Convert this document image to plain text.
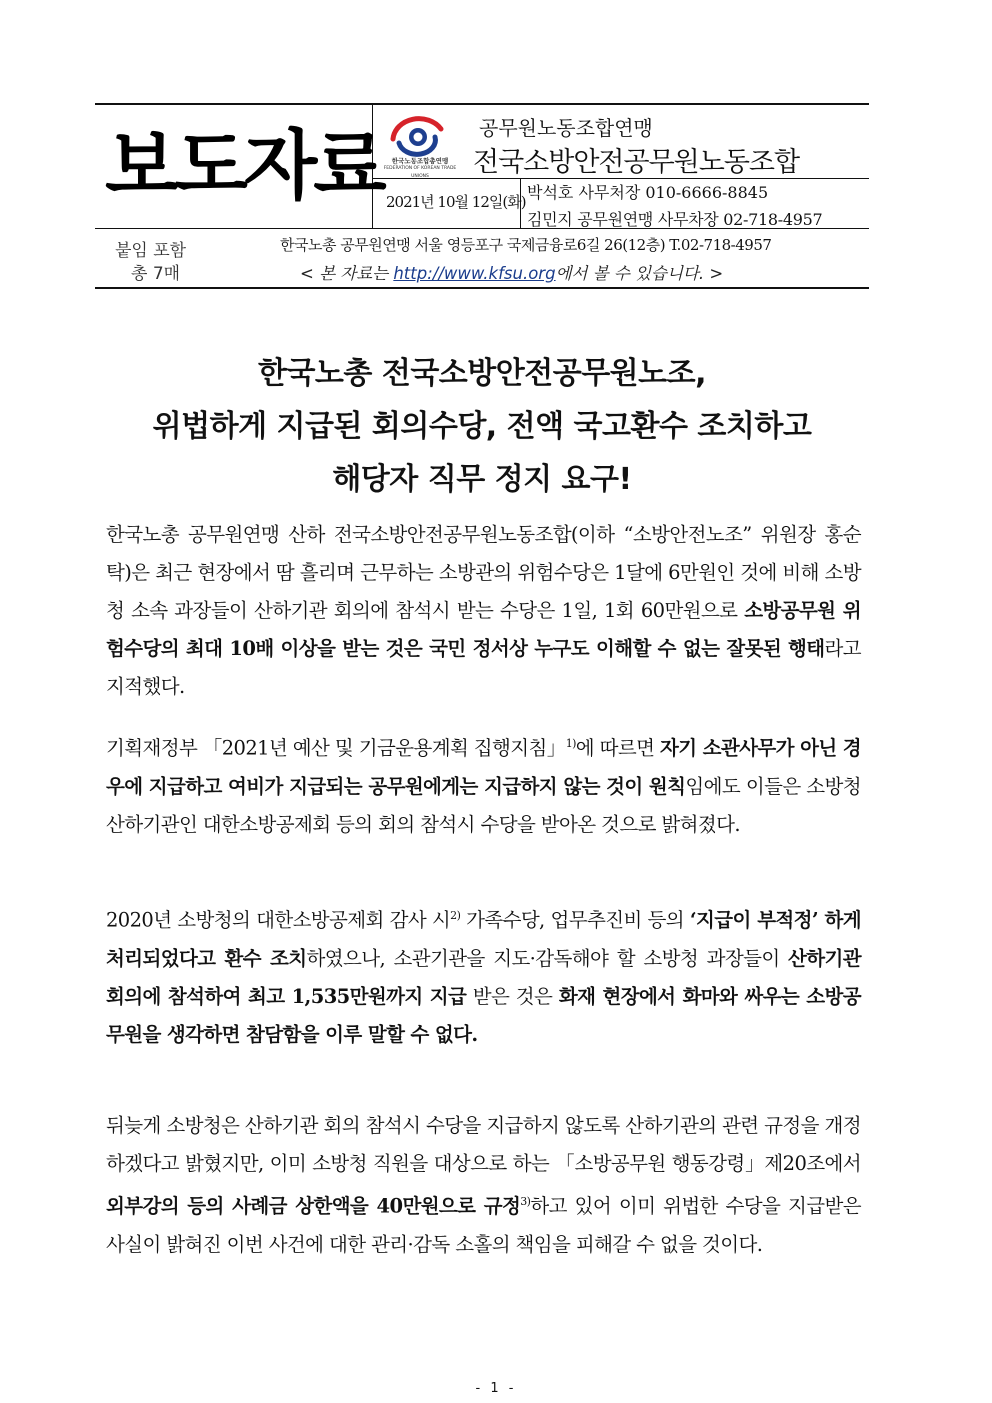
보도자료	한국노동조합총연맹
FEDERATION OF KOREAN TRADE UNIONS
공무원노동조합연맹
전국소방안전공무원노동조합
2021년 10월 12일(화) 박석호 사무처장 010-6666-8845
김민지 공무원연맹 사무차장 02-718-4957
붙임 포함
총 7매
한국노총 공무원연맹 서울 영등포구 국제금융로6길 26(12층) T.02-718-4957
< 본 자료는 http://www.kfsu.org에서 볼 수 있습니다. >
한국노총 전국소방안전공무원노조,
위법하게 지급된 회의수당, 전액 국고환수 조치하고
해당자 직무 정지 요구!
한국노총 공무원연맹 산하 전국소방안전공무원노동조합(이하 “소방안전노조” 위원장 홍순탁)은 최근 현장에서 땀 흘리며 근무하는 소방관의 위험수당은 1달에 6만원인 것에 비해 소방청 소속 과장들이 산하기관 회의에 참석시 받는 수당은 1일, 1회 60만원으로 소방공무원 위험수당의 최대 10배 이상을 받는 것은 국민 정서상 누구도 이해할 수 없는 잘못된 행태라고 지적했다.
기획재정부 「2021년 예산 및 기금운용계획 집행지침」$^{1)}$에 따르면 자기 소관사무가 아닌 경우에 지급하고 여비가 지급되는 공무원에게는 지급하지 않는 것이 원칙임에도 이들은 소방청 산하기관인 대한소방공제회 등의 회의 참석시 수당을 받아온 것으로 밝혀졌다.
2020년 소방청의 대한소방공제회 감사 시$^{2)}$ 가족수당, 업무추진비 등의 ‘지급이 부적정’ 하게 처리되었다고 환수 조치하였으나, 소관기관을 지도·감독해야 할 소방청 과장들이 산하기관 회의에 참석하여 최고 1,535만원까지 지급 받은 것은 화재 현장에서 화마와 싸우는 소방공무원을 생각하면 참담함을 이루 말할 수 없다.
뒤늦게 소방청은 산하기관 회의 참석시 수당을 지급하지 않도록 산하기관의 관련 규정을 개정하겠다고 밝혔지만, 이미 소방청 직원을 대상으로 하는 「소방공무원 행동강령」제20조에서 외부강의 등의 사례금 상한액을 40만원으로 규정$^{3)}$하고 있어 이미 위법한 수당을 지급받은 사실이 밝혀진 이번 사건에 대한 관리·감독 소홀의 책임을 피해갈 수 없을 것이다.
- 1 -
